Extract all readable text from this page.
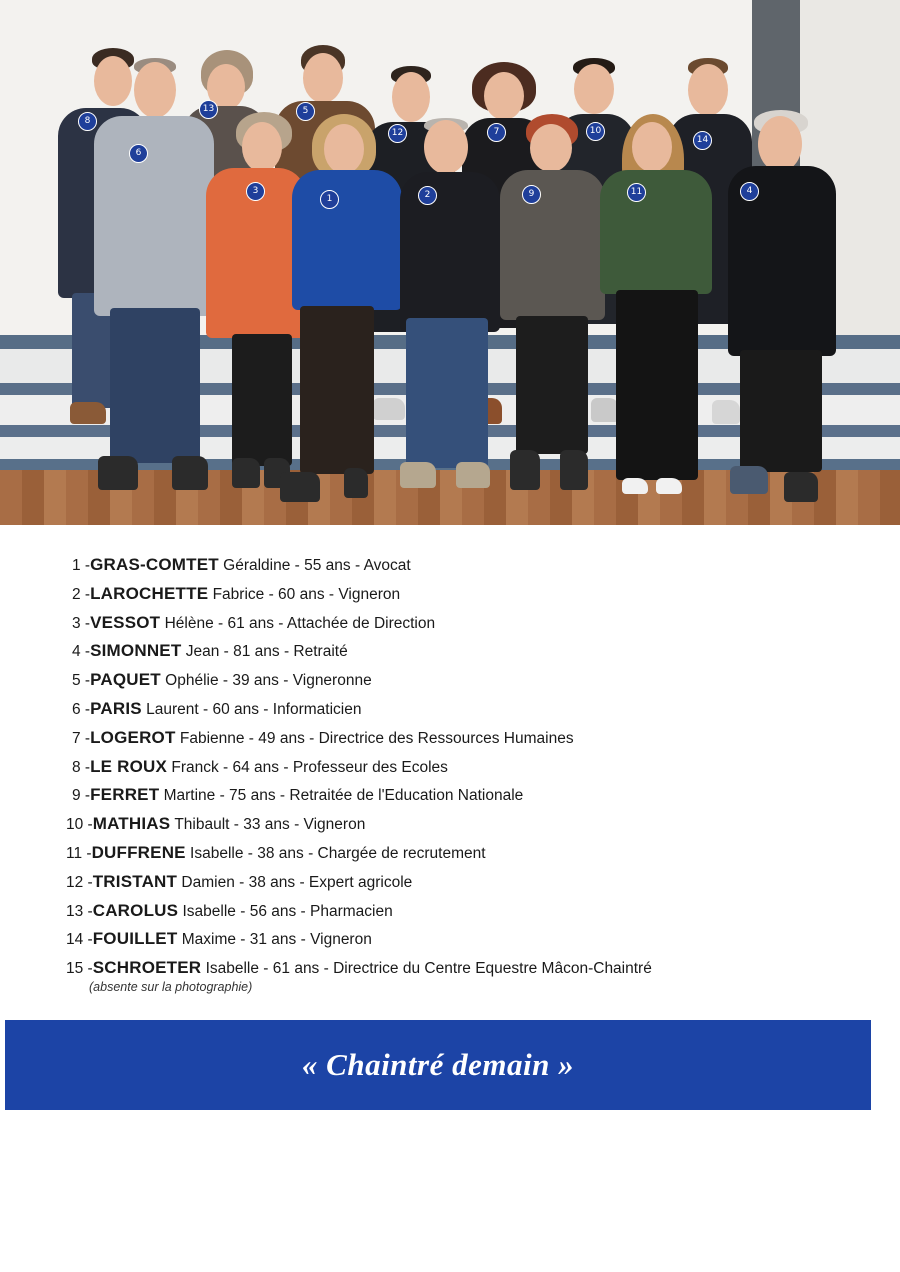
1	2
3	4
5
6
7
8
9
10
11
12
13
14
1 -GRAS-COMTET Géraldine - 55 ans - Avocat
2 -LAROCHETTE Fabrice - 60 ans - Vigneron
3 -VESSOT Hélène - 61 ans - Attachée de Direction
4 -SIMONNET Jean - 81 ans - Retraité
5 -PAQUET Ophélie - 39 ans - Vigneronne
6 -PARIS Laurent - 60 ans - Informaticien
7 -LOGEROT Fabienne - 49 ans - Directrice des Ressources Humaines
8 -LE ROUX Franck - 64 ans - Professeur des Ecoles
9 -FERRET Martine - 75 ans - Retraitée de l'Education Nationale
10 -MATHIAS Thibault - 33 ans - Vigneron
11 -DUFFRENE Isabelle - 38 ans - Chargée de recrutement
12 -TRISTANT Damien - 38 ans - Expert agricole
13 -CAROLUS Isabelle - 56 ans - Pharmacien
14 -FOUILLET Maxime - 31 ans - Vigneron
15 -SCHROETER Isabelle - 61 ans - Directrice du Centre Equestre Mâcon-Chaintré
(absente sur la photographie)
« Chaintré demain »
